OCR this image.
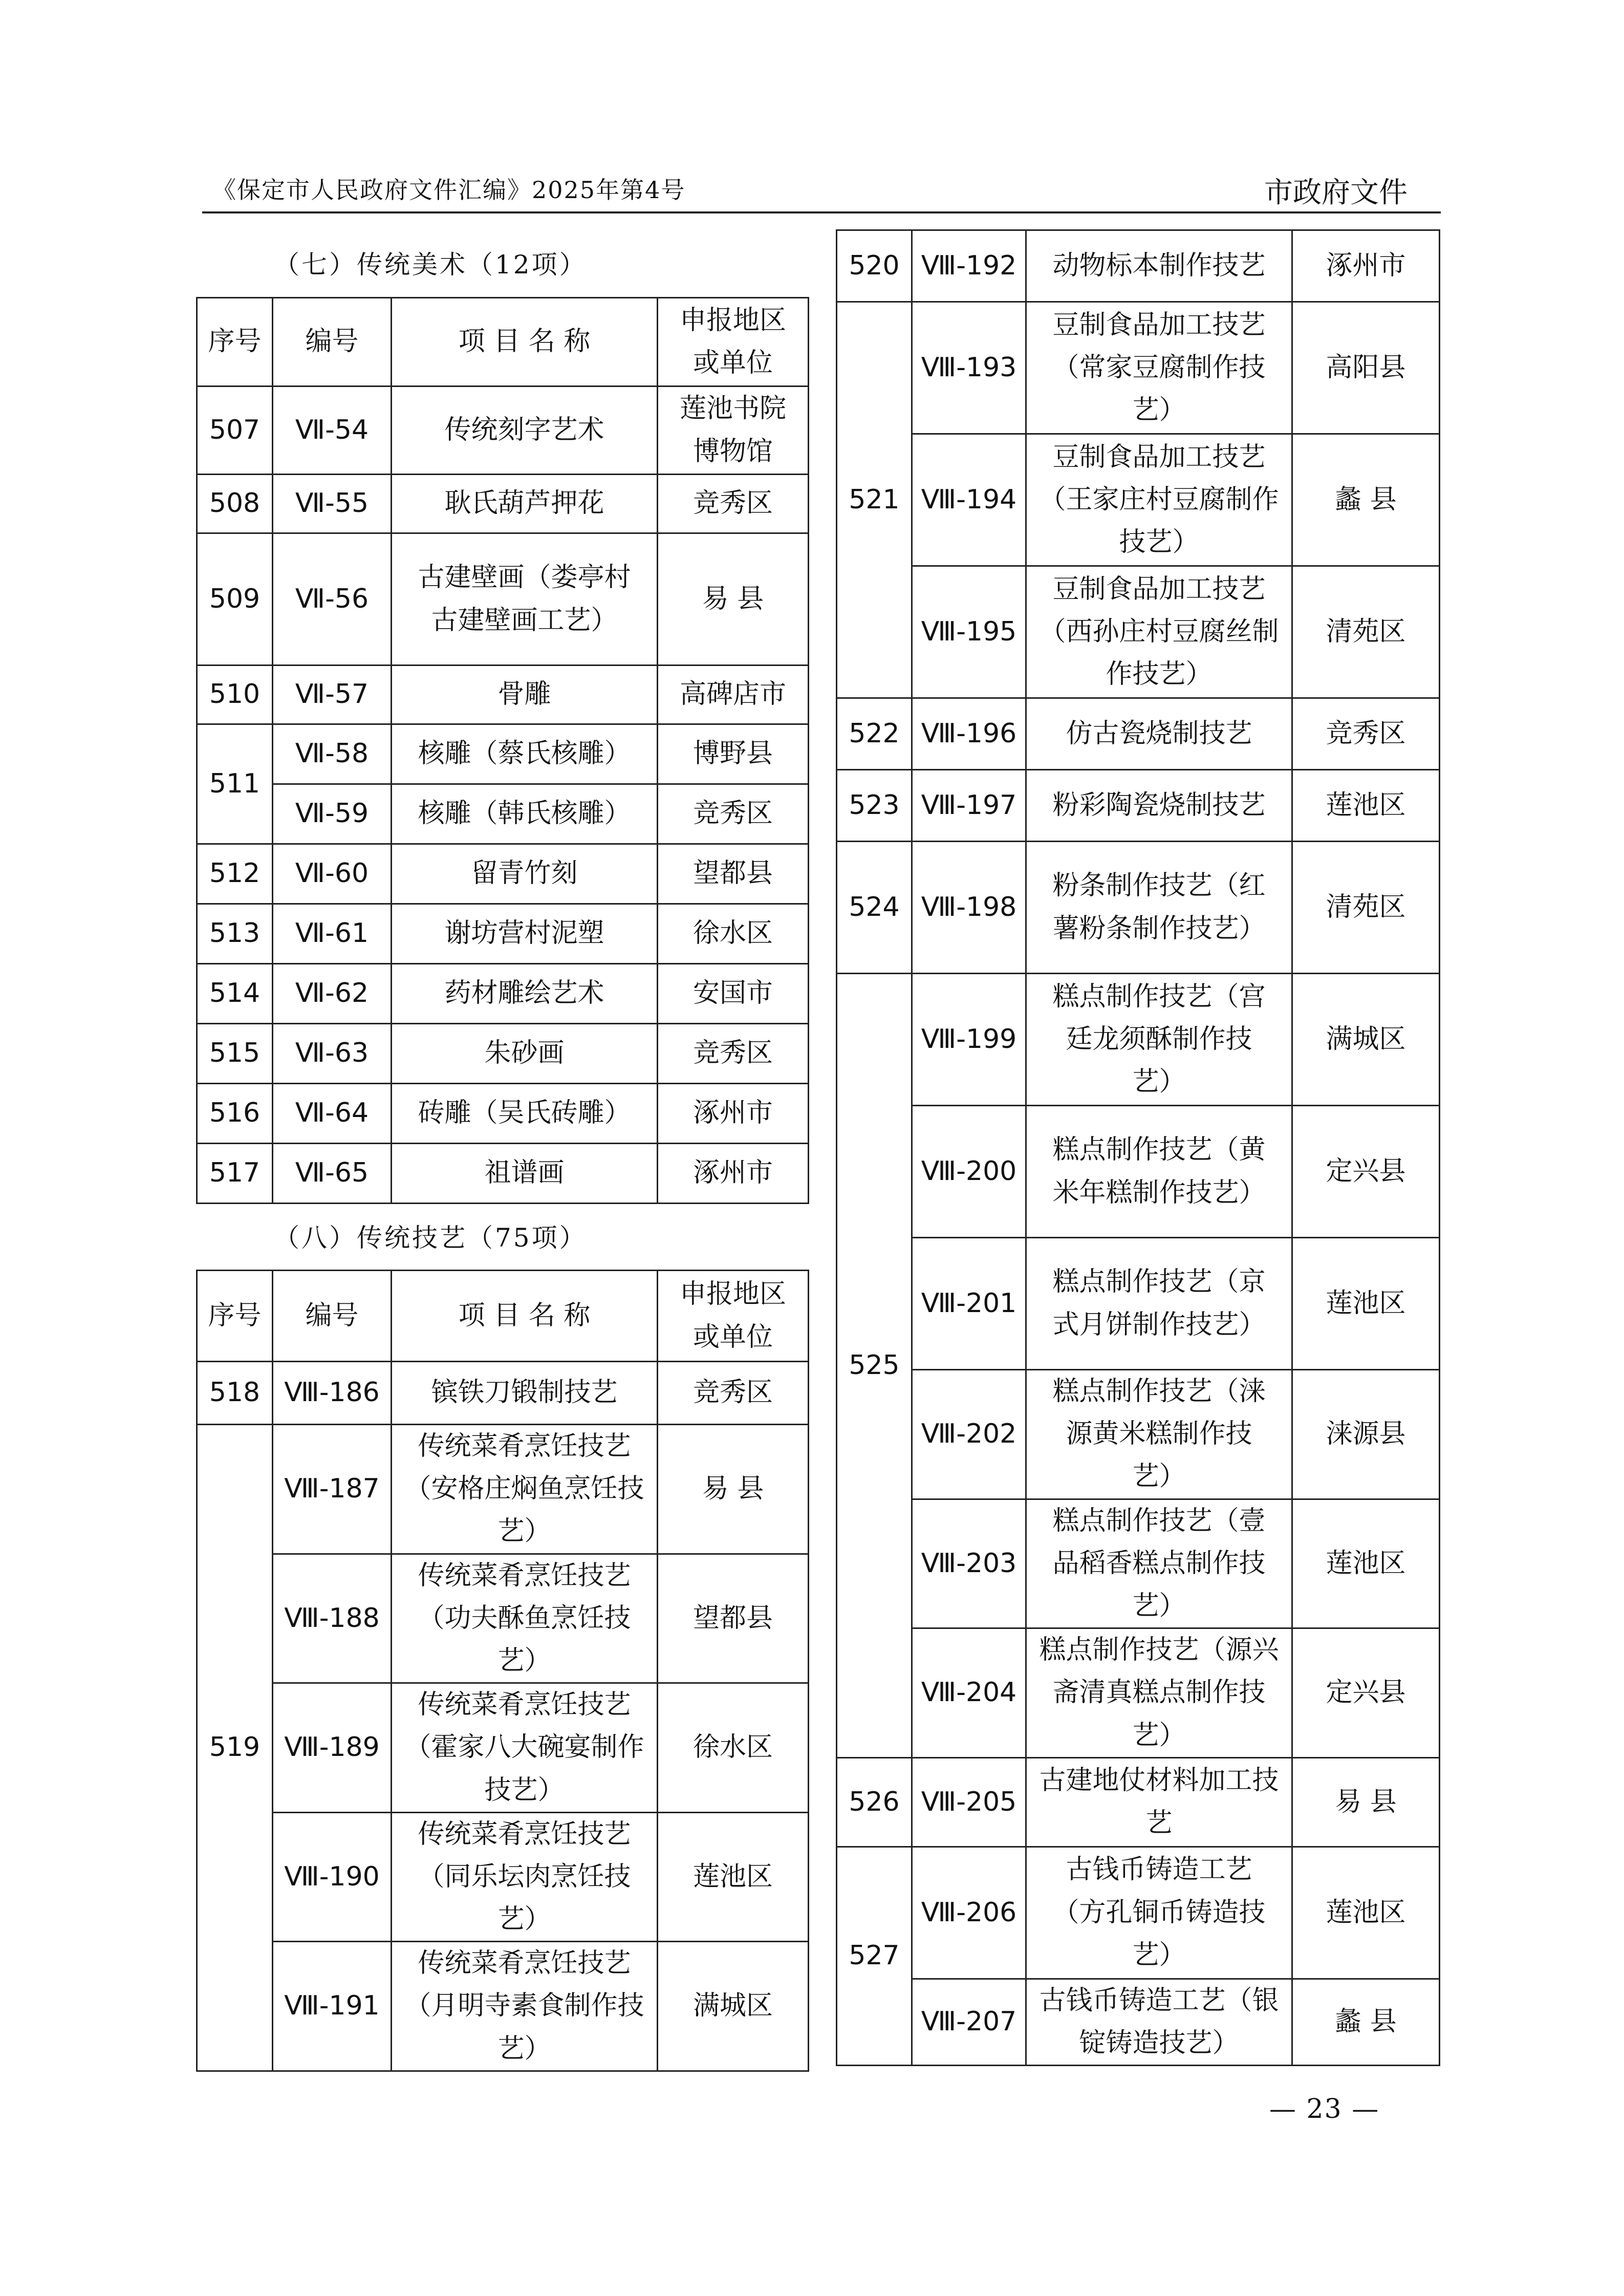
《保定市人民政府文件汇编》2025年第4号	市政府文件
（七）传统美术（12项）
序号	编号	项 目 名 称	申报地区或单位
507	Ⅶ-54	传统刻字艺术	莲池书院博物馆
508	Ⅶ-55	耿氏葫芦押花	竞秀区
509	Ⅶ-56	古建壁画（娄亭村古建壁画工艺）	易 县
510	Ⅶ-57	骨雕	高碑店市
511	Ⅶ-58	核雕（蔡氏核雕）	博野县
	Ⅶ-59	核雕（韩氏核雕）	竞秀区
512	Ⅶ-60	留青竹刻	望都县
513	Ⅶ-61	谢坊营村泥塑	徐水区
514	Ⅶ-62	药材雕绘艺术	安国市
515	Ⅶ-63	朱砂画	竞秀区
516	Ⅶ-64	砖雕（吴氏砖雕）	涿州市
517	Ⅶ-65	祖谱画	涿州市
（八）传统技艺（75项）
序号	编号	项 目 名 称	申报地区或单位
518	Ⅷ-186	镔铁刀锻制技艺	竞秀区
519	Ⅷ-187	传统菜肴烹饪技艺（安格庄焖鱼烹饪技艺）	易 县
	Ⅷ-188	传统菜肴烹饪技艺（功夫酥鱼烹饪技艺）	望都县
	Ⅷ-189	传统菜肴烹饪技艺（霍家八大碗宴制作技艺）	徐水区
	Ⅷ-190	传统菜肴烹饪技艺（同乐坛肉烹饪技艺）	莲池区
	Ⅷ-191	传统菜肴烹饪技艺（月明寺素食制作技艺）	满城区
520	Ⅷ-192	动物标本制作技艺	涿州市
521	Ⅷ-193	豆制食品加工技艺（常家豆腐制作技艺）	高阳县
	Ⅷ-194	豆制食品加工技艺（王家庄村豆腐制作技艺）	蠡 县
	Ⅷ-195	豆制食品加工技艺（西孙庄村豆腐丝制作技艺）	清苑区
522	Ⅷ-196	仿古瓷烧制技艺	竞秀区
523	Ⅷ-197	粉彩陶瓷烧制技艺	莲池区
524	Ⅷ-198	粉条制作技艺（红薯粉条制作技艺）	清苑区
525	Ⅷ-199	糕点制作技艺（宫廷龙须酥制作技艺）	满城区
	Ⅷ-200	糕点制作技艺（黄米年糕制作技艺）	定兴县
	Ⅷ-201	糕点制作技艺（京式月饼制作技艺）	莲池区
	Ⅷ-202	糕点制作技艺（涞源黄米糕制作技艺）	涞源县
	Ⅷ-203	糕点制作技艺（壹品稻香糕点制作技艺）	莲池区
	Ⅷ-204	糕点制作技艺（源兴斋清真糕点制作技艺）	定兴县
526	Ⅷ-205	古建地仗材料加工技艺	易 县
527	Ⅷ-206	古钱币铸造工艺（方孔铜币铸造技艺）	莲池区
	Ⅷ-207	古钱币铸造工艺（银锭铸造技艺）	蠡 县
— 23 —
